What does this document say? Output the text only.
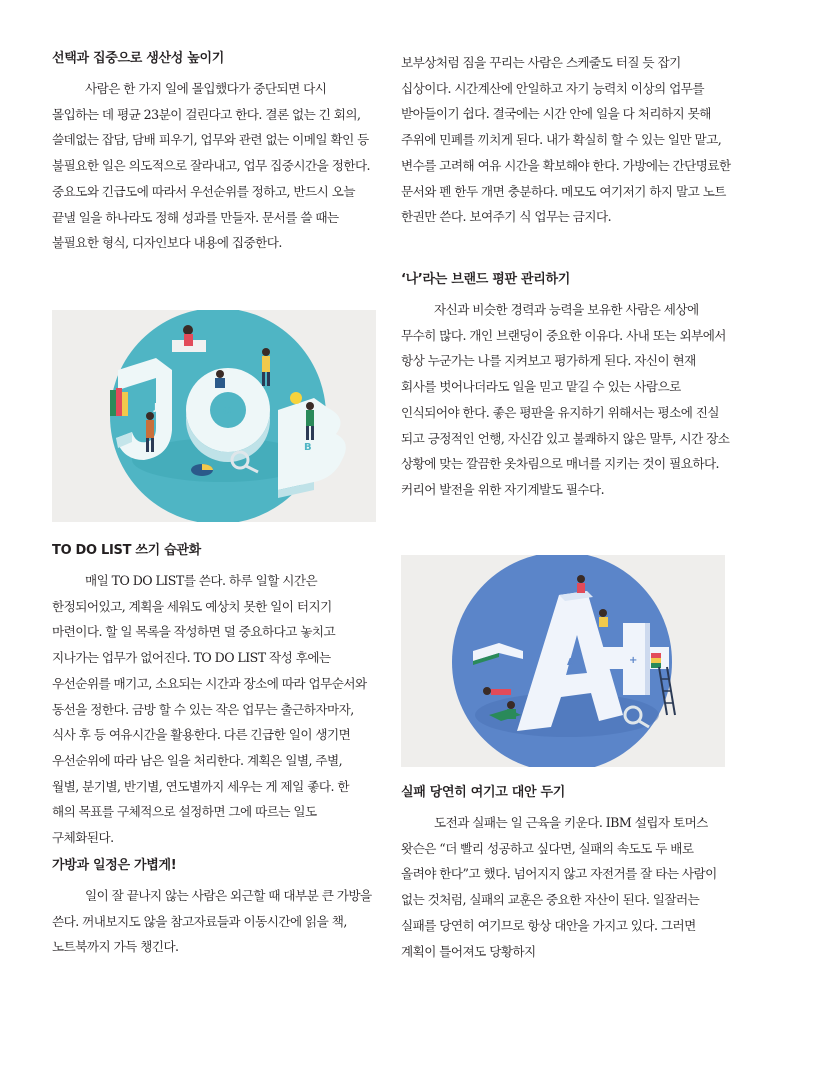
선택과 집중으로 생산성 높이기

사람은 한 가지 일에 몰입했다가 중단되면 다시 몰입하는 데 평균 23분이 걸린다고 한다. 결론 없는 긴 회의, 쓸데없는 잡담, 담배 피우기, 업무와 관련 없는 이메일 확인 등 불필요한 일은 의도적으로 잘라내고, 업무 집중시간을 정한다. 중요도와 긴급도에 따라서 우선순위를 정하고, 반드시 오늘 끝낼 일을 하나라도 정해 성과를 만들자. 문서를 쓸 때는 불필요한 형식, 디자인보다 내용에 집중한다.

J	O
B
TO DO LIST 쓰기 습관화

매일 TO DO LIST를 쓴다. 하루 일할 시간은 한정되어있고, 계획을 세워도 예상치 못한 일이 터지기 마련이다. 할 일 목록을 작성하면 덜 중요하다고 놓치고 지나가는 업무가 없어진다. TO DO LIST 작성 후에는 우선순위를 매기고, 소요되는 시간과 장소에 따라 업무순서와 동선을 정한다. 금방 할 수 있는 작은 업무는 출근하자마자, 식사 후 등 여유시간을 활용한다. 다른 긴급한 일이 생기면 우선순위에 따라 남은 일을 처리한다. 계획은 일별, 주별, 월별, 분기별, 반기별, 연도별까지 세우는 게 제일 좋다. 한 해의 목표를 구체적으로 설정하면 그에 따르는 일도 구체화된다.

가방과 일정은 가볍게!

일이 잘 끝나지 않는 사람은 외근할 때 대부분 큰 가방을 쓴다. 꺼내보지도 않을 참고자료들과 이동시간에 읽을 책, 노트북까지 가득 챙긴다.

보부상처럼 짐을 꾸리는 사람은 스케줄도 터질 듯 잡기 십상이다. 시간계산에 안일하고 자기 능력치 이상의 업무를 받아들이기 쉽다. 결국에는 시간 안에 일을 다 처리하지 못해 주위에 민폐를 끼치게 된다. 내가 확실히 할 수 있는 일만 맡고, 변수를 고려해 여유 시간을 확보해야 한다. 가방에는 간단명료한 문서와 펜 한두 개면 충분하다. 메모도 여기저기 하지 말고 노트 한권만 쓴다. 보여주기 식 업무는 금지다.

‘나’라는 브랜드 평판 관리하기

자신과 비슷한 경력과 능력을 보유한 사람은 세상에 무수히 많다. 개인 브랜딩이 중요한 이유다. 사내 또는 외부에서 항상 누군가는 나를 지켜보고 평가하게 된다. 자신이 현재 회사를 벗어나더라도 일을 믿고 맡길 수 있는 사람으로 인식되어야 한다. 좋은 평판을 유지하기 위해서는 평소에 진실 되고 긍정적인 언행, 자신감 있고 불쾌하지 않은 말투, 시간 장소 상황에 맞는 깔끔한 옷차림으로 매너를 지키는 것이 필요하다. 커리어 발전을 위한 자기계발도 필수다.

A	+
실패 당연히 여기고 대안 두기

도전과 실패는 일 근육을 키운다. IBM 설립자 토머스 왓슨은 “더 빨리 성공하고 싶다면, 실패의 속도도 두 배로 올려야 한다”고 했다. 넘어지지 않고 자전거를 잘 타는 사람이 없는 것처럼, 실패의 교훈은 중요한 자산이 된다. 일잘러는 실패를 당연히 여기므로 항상 대안을 가지고 있다. 그러면 계획이 틀어져도 당황하지
